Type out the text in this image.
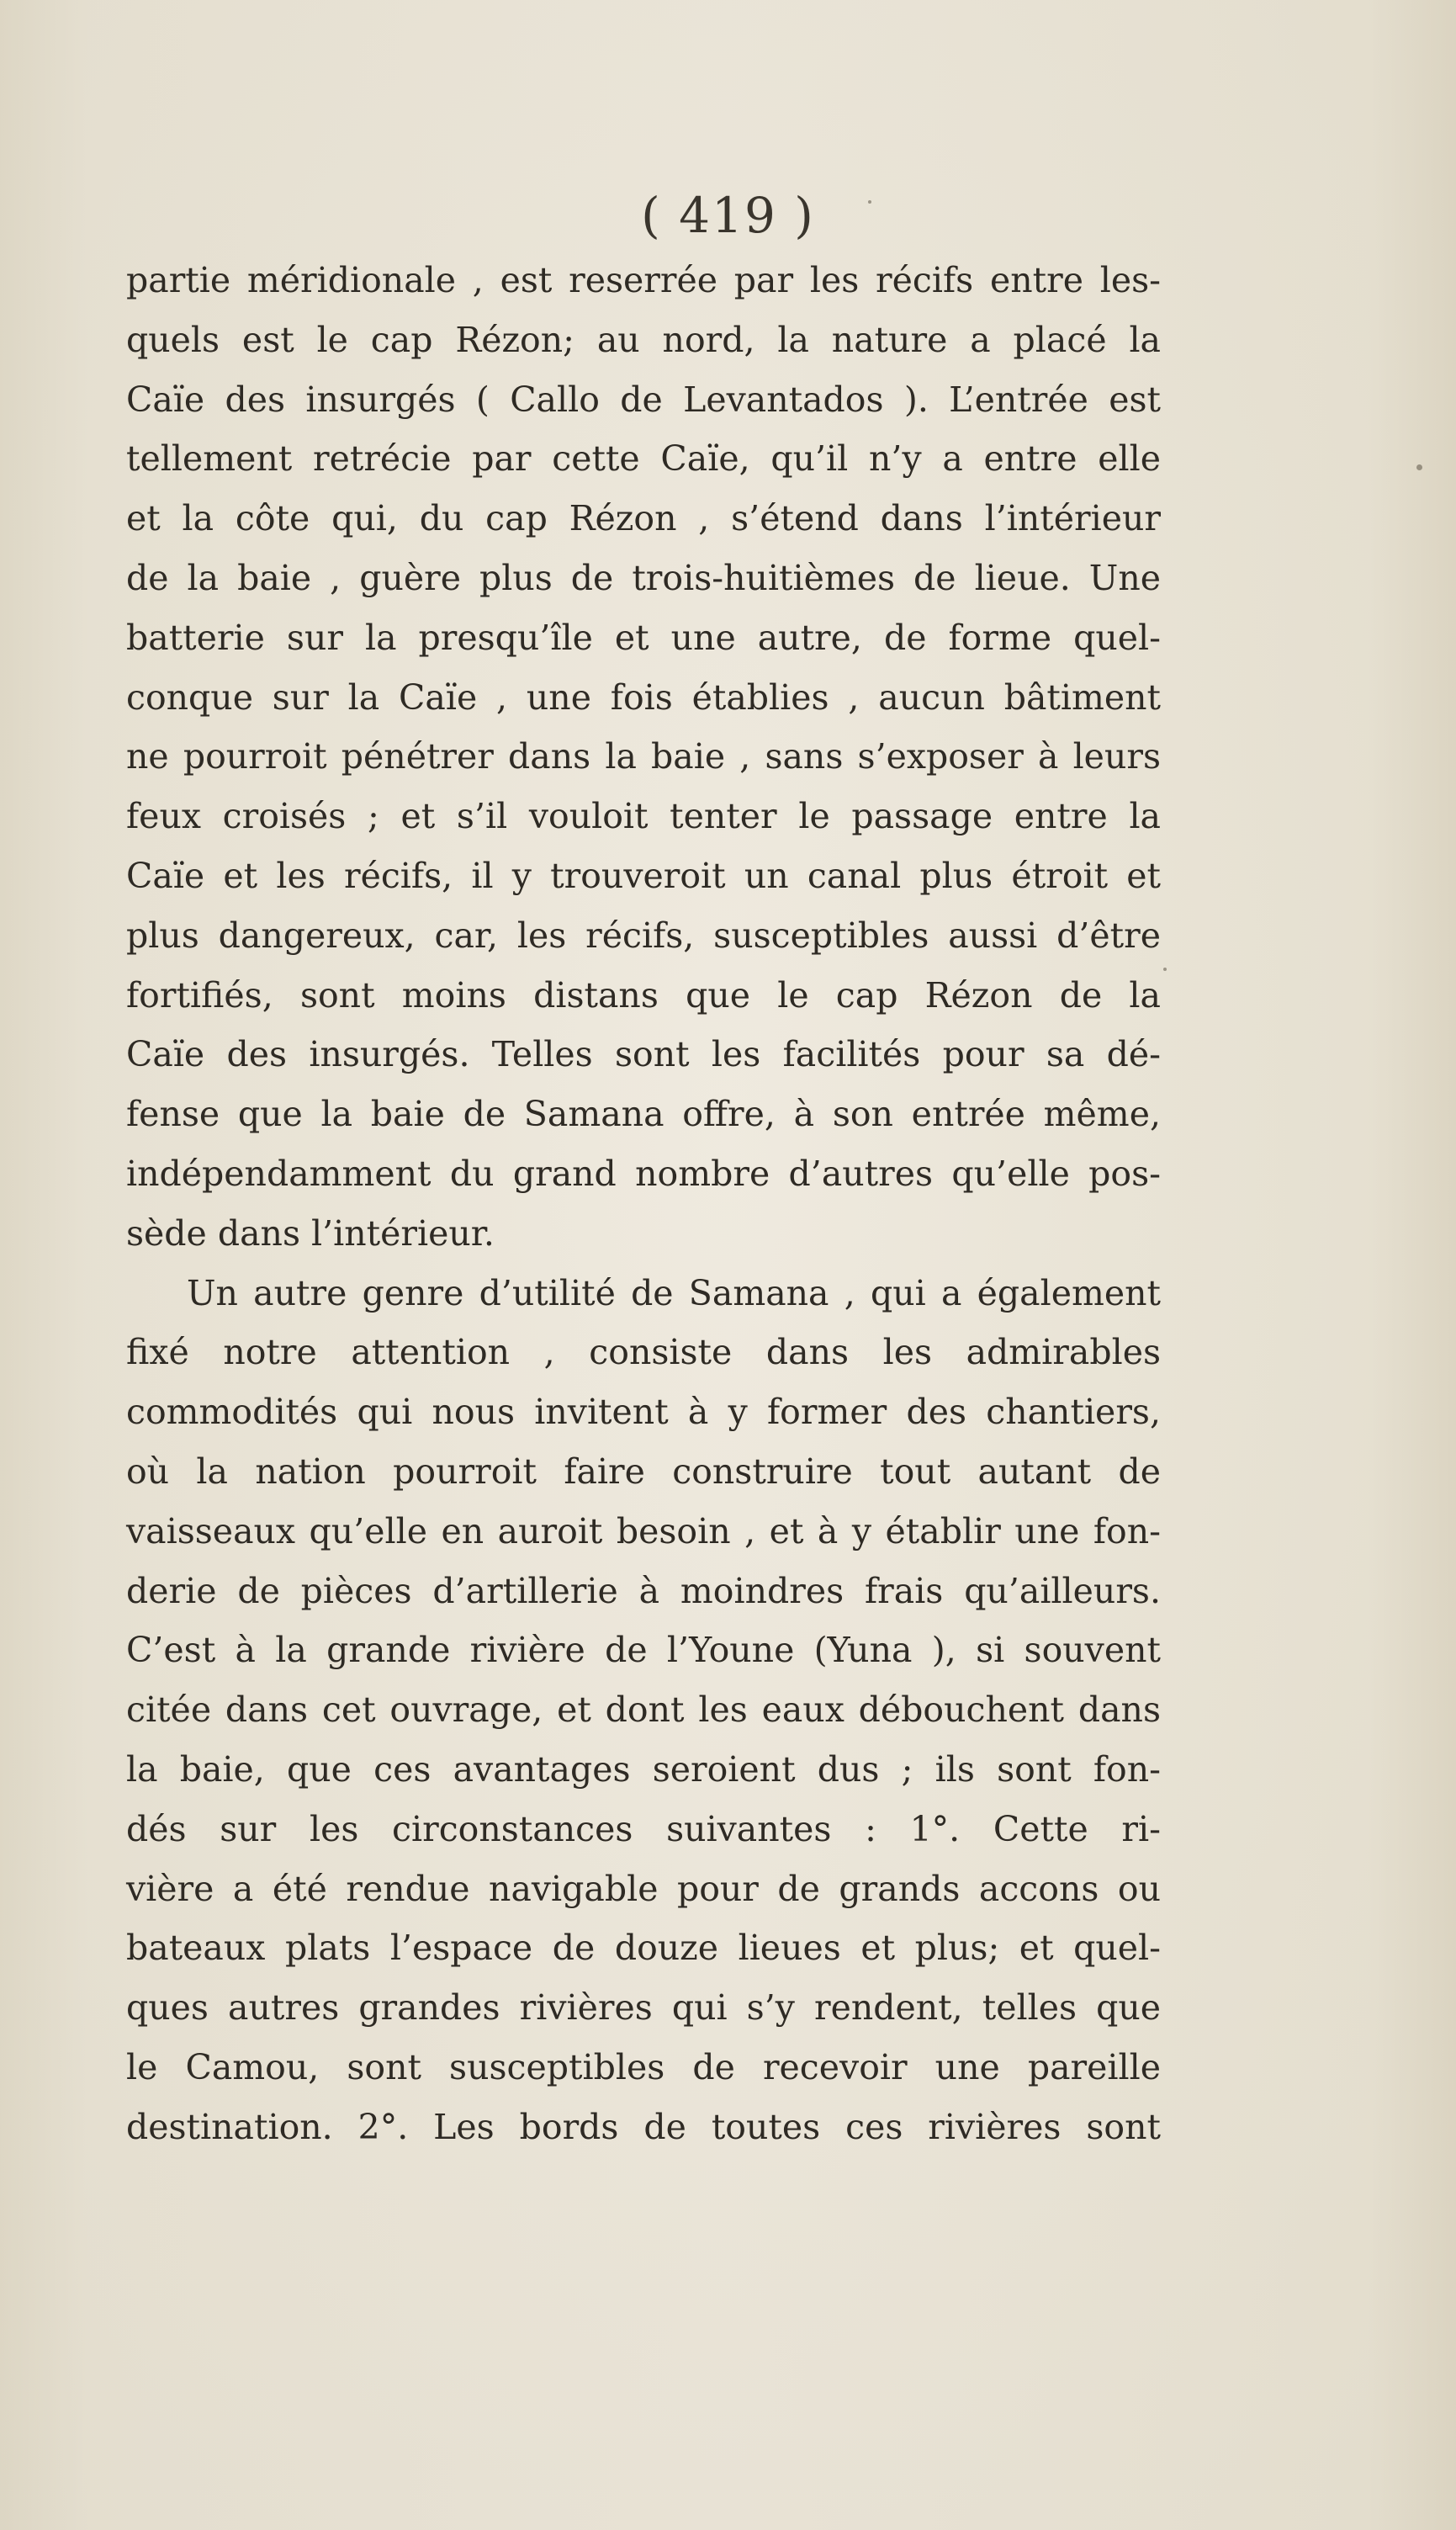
( 419 )
partie méridionale , est reserrée par les récifs entre les-
quels est le cap Rézon; au nord, la nature a placé la
Caïe des insurgés ( Callo de Levantados ). L’entrée est
tellement retrécie par cette Caïe, qu’il n’y a entre elle
et la côte qui, du cap Rézon , s’étend dans l’intérieur
de la baie , guère plus de trois-huitièmes de lieue. Une
batterie sur la presqu’île et une autre, de forme quel-
conque sur la Caïe , une fois établies , aucun bâtiment
ne pourroit pénétrer dans la baie , sans s’exposer à leurs
feux croisés ; et s’il vouloit tenter le passage entre la
Caïe et les récifs, il y trouveroit un canal plus étroit et
plus dangereux, car, les récifs, susceptibles aussi d’être
fortifiés, sont moins distans que le cap Rézon de la
Caïe des insurgés. Telles sont les facilités pour sa dé-
fense que la baie de Samana offre, à son entrée même,
indépendamment du grand nombre d’autres qu’elle pos-
sède dans l’intérieur.
Un autre genre d’utilité de Samana , qui a également
fixé notre attention , consiste dans les admirables
commodités qui nous invitent à y former des chantiers,
où la nation pourroit faire construire tout autant de
vaisseaux qu’elle en auroit besoin , et à y établir une fon-
derie de pièces d’artillerie à moindres frais qu’ailleurs.
C’est à la grande rivière de l’Youne (Yuna ), si souvent
citée dans cet ouvrage, et dont les eaux débouchent dans
la baie, que ces avantages seroient dus ; ils sont fon-
dés sur les circonstances suivantes : 1°. Cette ri-
vière a été rendue navigable pour de grands accons ou
bateaux plats l’espace de douze lieues et plus; et quel-
ques autres grandes rivières qui s’y rendent, telles que
le Camou, sont susceptibles de recevoir une pareille
destination. 2°. Les bords de toutes ces rivières sont
